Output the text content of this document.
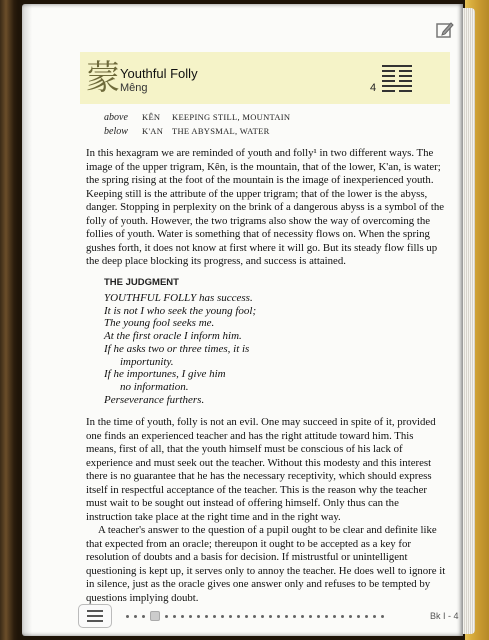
蒙 Youthful Folly
Mêng	4
above	KÊN	KEEPING STILL, MOUNTAIN
below	K'AN	THE ABYSMAL, WATER
In this hexagram we are reminded of youth and folly¹ in two different ways. The image of the upper trigram, Kên, is the mountain, that of the lower, K'an, is water; the spring rising at the foot of the mountain is the image of inexperienced youth. Keeping still is the attribute of the upper trigram; that of the lower is the abyss, danger. Stopping in perplexity on the brink of a dangerous abyss is a symbol of the folly of youth. However, the two trigrams also show the way of overcoming the follies of youth. Water is something that of necessity flows on. When the spring gushes forth, it does not know at first where it will go. But its steady flow fills up the deep place blocking its progress, and success is attained.
THE JUDGMENT
YOUTHFUL FOLLY has success.
It is not I who seek the young fool;
The young fool seeks me.
At the first oracle I inform him.
If he asks two or three times, it is
importunity.
If he importunes, I give him
no information.
Perseverance furthers.
In the time of youth, folly is not an evil. One may succeed in spite of it, provided one finds an experienced teacher and has the right attitude toward him. This means, first of all, that the youth himself must be conscious of his lack of experience and must seek out the teacher. Without this modesty and this interest there is no guarantee that he has the necessary receptivity, which should express itself in respectful acceptance of the teacher. This is the reason why the teacher must wait to be sought out instead of offering himself. Only thus can the instruction take place at the right time and in the right way.
A teacher's answer to the question of a pupil ought to be clear and definite like that expected from an oracle; thereupon it ought to be accepted as a key for resolution of doubts and a basis for decision. If mistrustful or unintelligent questioning is kept up, it serves only to annoy the teacher. He does well to ignore it in silence, just as the oracle gives one answer only and refuses to be tempted by questions implying doubt.
Bk I - 4
